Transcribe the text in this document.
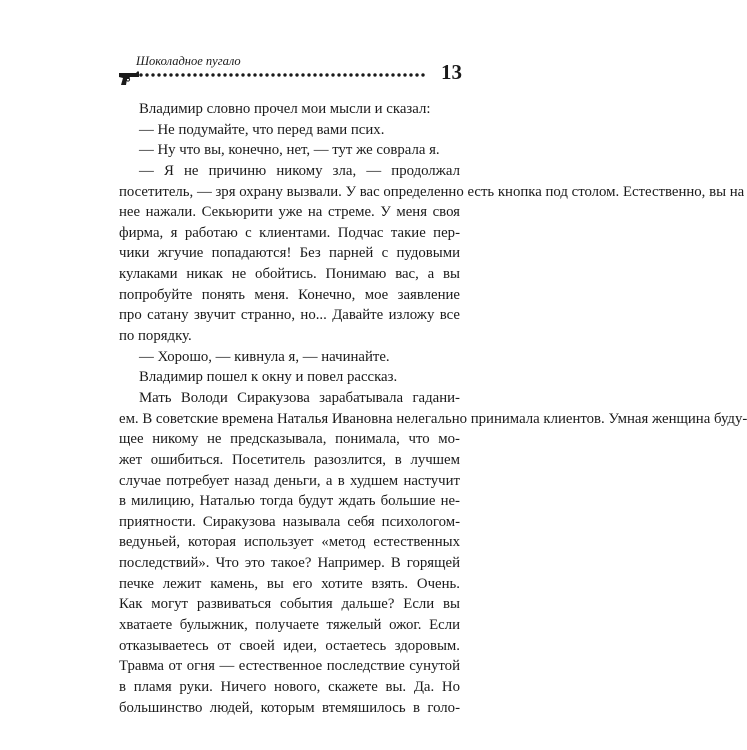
Шоколадное пугало	13
Владимир словно прочел мои мысли и сказал:
— Не подумайте, что перед вами псих.
— Ну что вы, конечно, нет, — тут же соврала я.
— Я не причиню никому зла, — продолжал
посетитель, — зря охрану вызвали. У вас определенно есть кнопка под столом. Естественно, вы на
нее нажали. Секьюрити уже на стреме. У меня своя
фирма, я работаю с клиентами. Подчас такие пер-
чики жгучие попадаются! Без парней с пудовыми
кулаками никак не обойтись. Понимаю вас, а вы
попробуйте понять меня. Конечно, мое заявление
про сатану звучит странно, но... Давайте изложу все
по порядку.
— Хорошо, — кивнула я, — начинайте.
Владимир пошел к окну и повел рассказ.
Мать Володи Сиракузова зарабатывала гадани-
ем. В советские времена Наталья Ивановна нелегально принимала клиентов. Умная женщина буду-
щее никому не предсказывала, понимала, что мо-
жет ошибиться. Посетитель разозлится, в лучшем
случае потребует назад деньги, а в худшем настучит
в милицию, Наталью тогда будут ждать большие не-
приятности. Сиракузова называла себя психологом-
ведуньей, которая использует «метод естественных
последствий». Что это такое? Например. В горящей
печке лежит камень, вы его хотите взять. Очень.
Как могут развиваться события дальше? Если вы
хватаете булыжник, получаете тяжелый ожог. Если
отказываетесь от своей идеи, остаетесь здоровым.
Травма от огня — естественное последствие сунутой
в пламя руки. Ничего нового, скажете вы. Да. Но
большинство людей, которым втемяшилось в голо-
